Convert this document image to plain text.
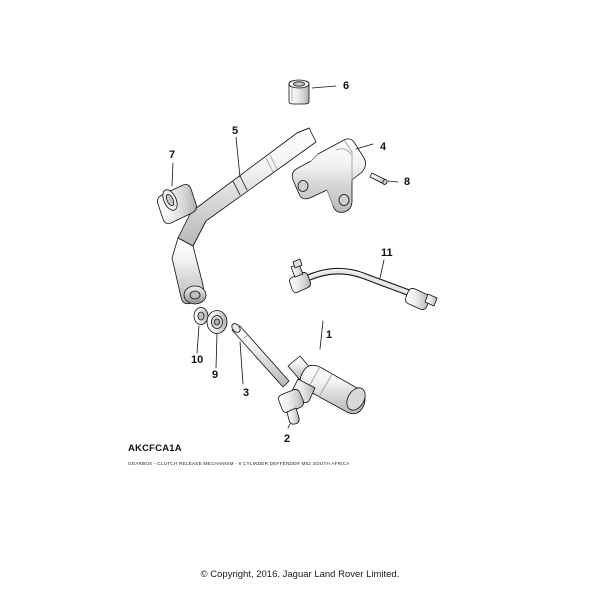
1
2
3
4
5
6
7
8
9
10
11
AKCFCA1A
GEARBOX - CLUTCH RELEASE MECHANISM - 6 CYLINDER DEFFENDER M52 SOUTH AFRICA
© Copyright, 2016. Jaguar Land Rover Limited.
